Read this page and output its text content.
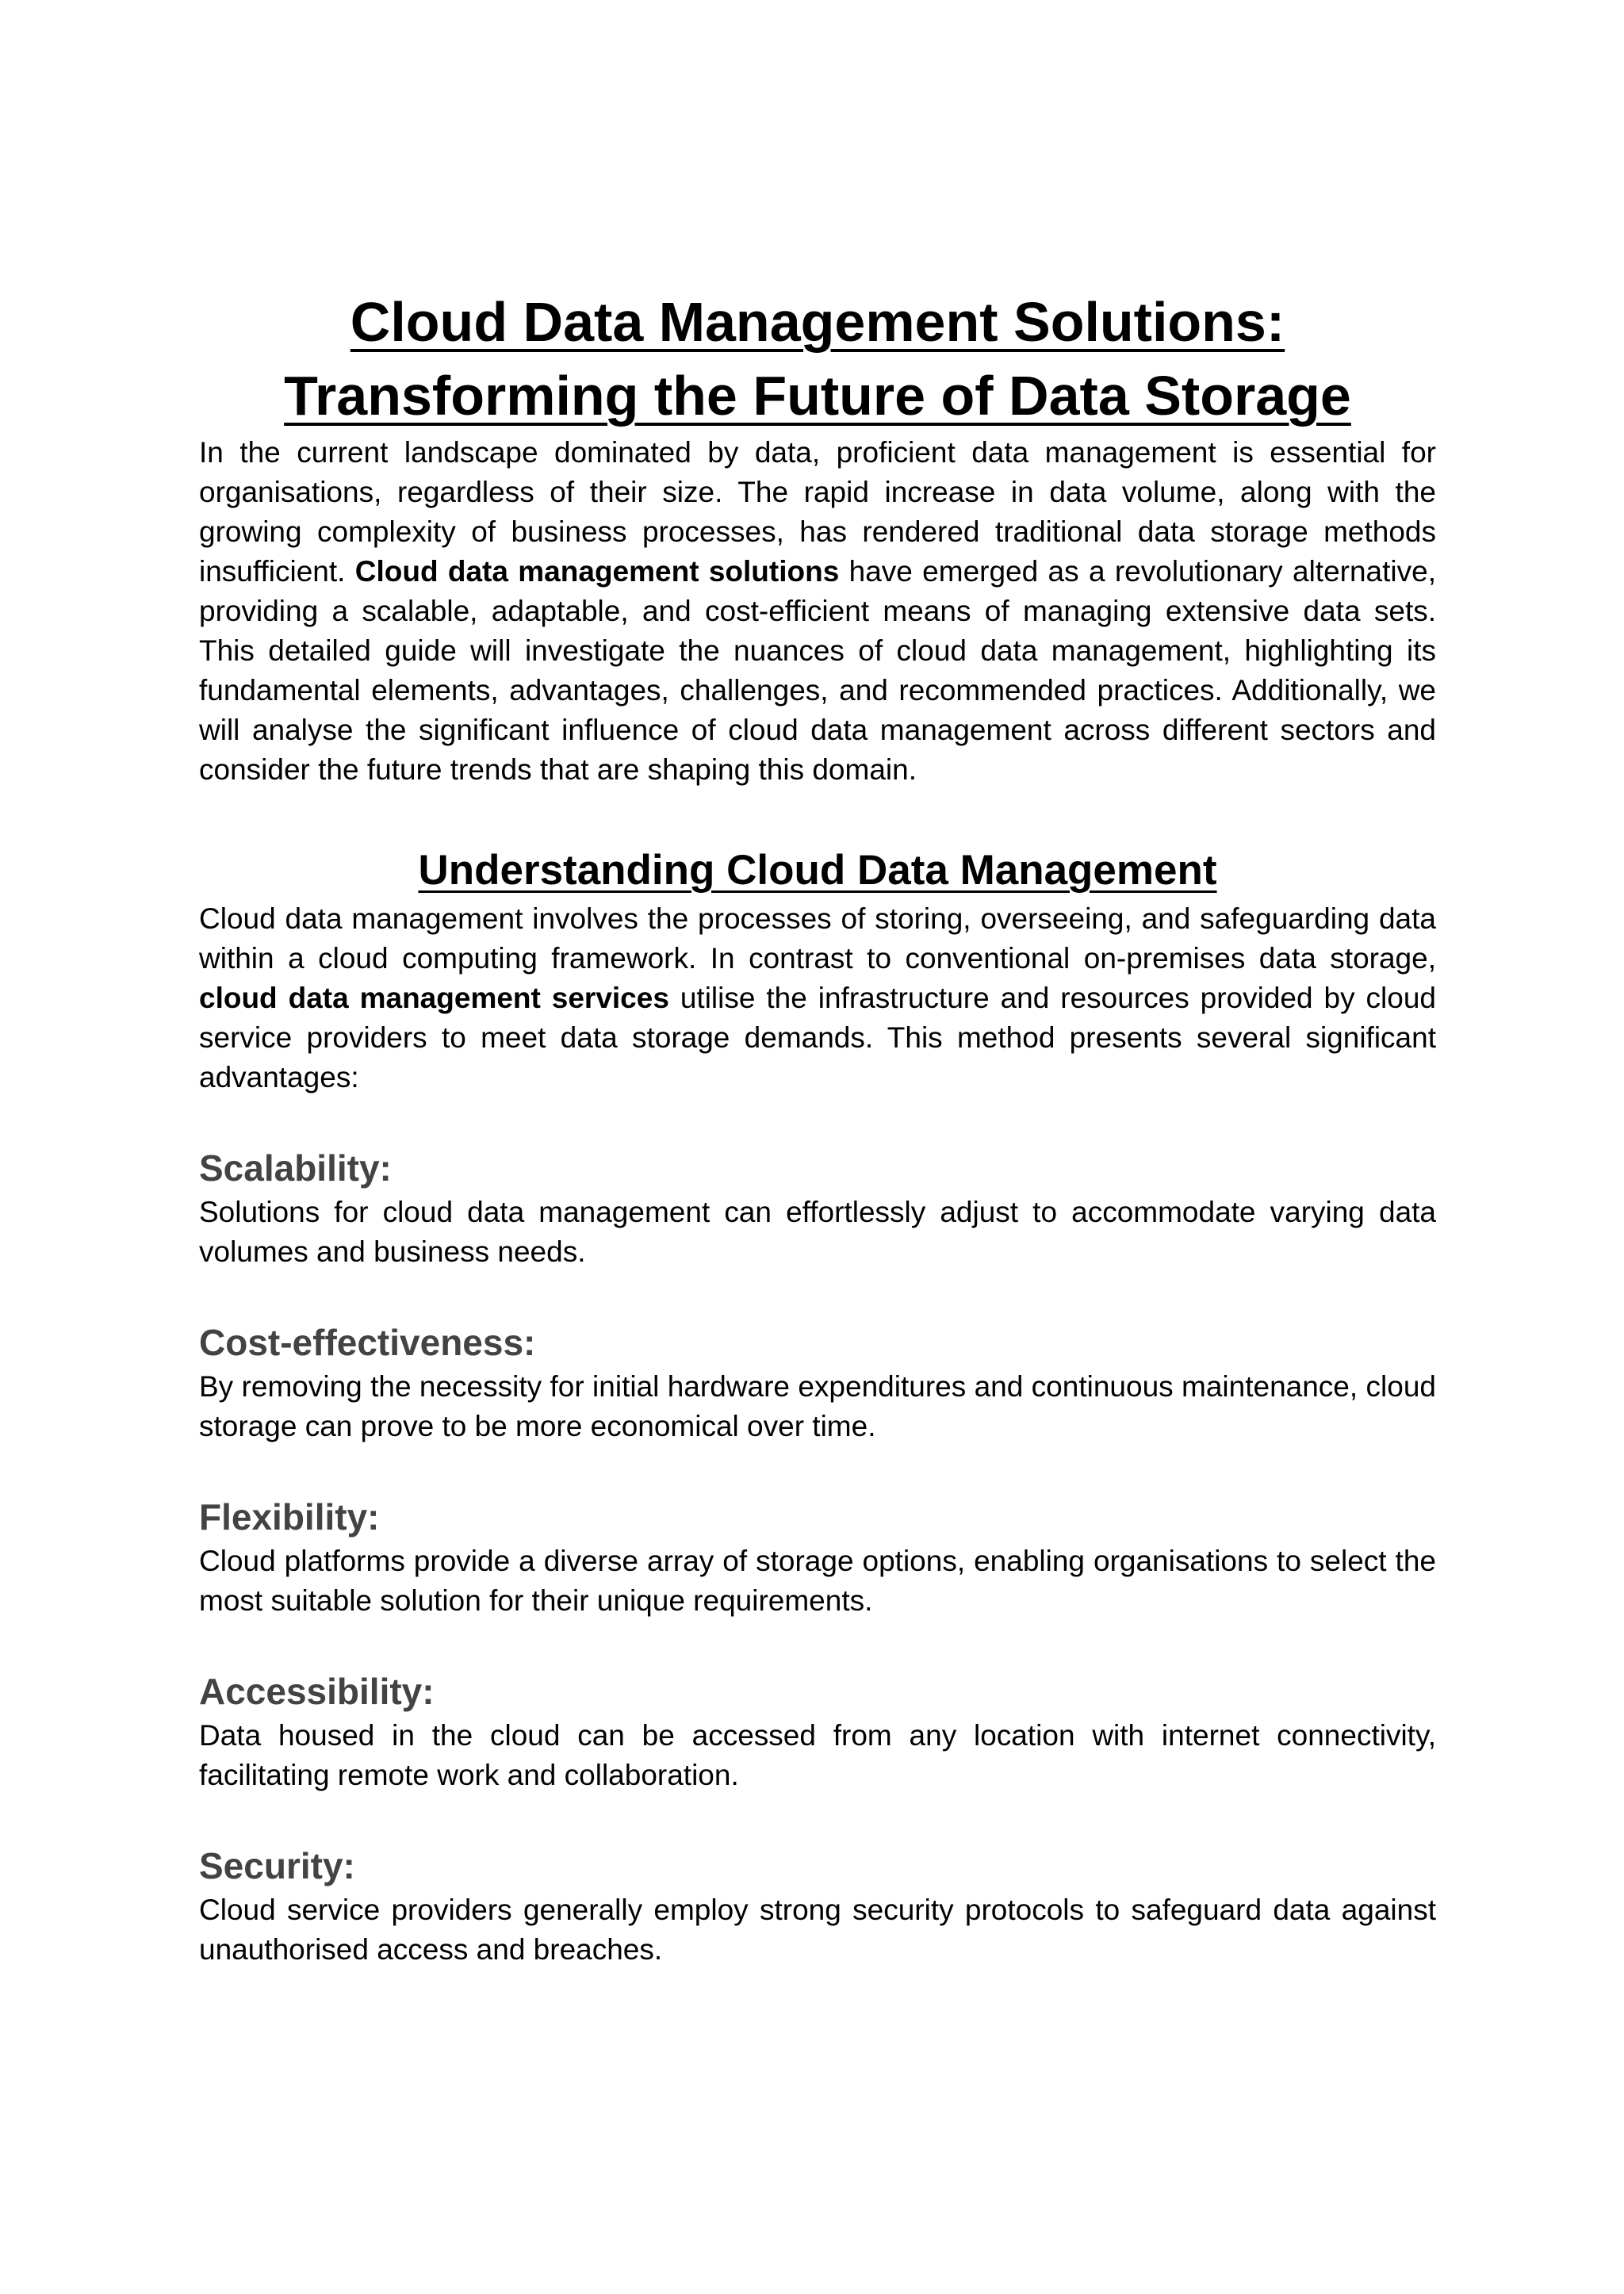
Cloud Data Management Solutions:
Transforming the Future of Data Storage

In the current landscape dominated by data, proficient data management is essential for organisations, regardless of their size. The rapid increase in data volume, along with the growing complexity of business processes, has rendered traditional data storage methods insufficient. Cloud data management solutions have emerged as a revolutionary alternative, providing a scalable, adaptable, and cost-efficient means of managing extensive data sets. This detailed guide will investigate the nuances of cloud data management, highlighting its fundamental elements, advantages, challenges, and recommended practices. Additionally, we will analyse the significant influence of cloud data management across different sectors and consider the future trends that are shaping this domain.

Understanding Cloud Data Management

Cloud data management involves the processes of storing, overseeing, and safeguarding data within a cloud computing framework. In contrast to conventional on-premises data storage, cloud data management services utilise the infrastructure and resources provided by cloud service providers to meet data storage demands. This method presents several significant advantages:

Scalability:

Solutions for cloud data management can effortlessly adjust to accommodate varying data volumes and business needs.

Cost-effectiveness:

By removing the necessity for initial hardware expenditures and continuous maintenance, cloud storage can prove to be more economical over time.

Flexibility:

Cloud platforms provide a diverse array of storage options, enabling organisations to select the most suitable solution for their unique requirements.

Accessibility:

Data housed in the cloud can be accessed from any location with internet connectivity, facilitating remote work and collaboration.

Security:

Cloud service providers generally employ strong security protocols to safeguard data against unauthorised access and breaches.
